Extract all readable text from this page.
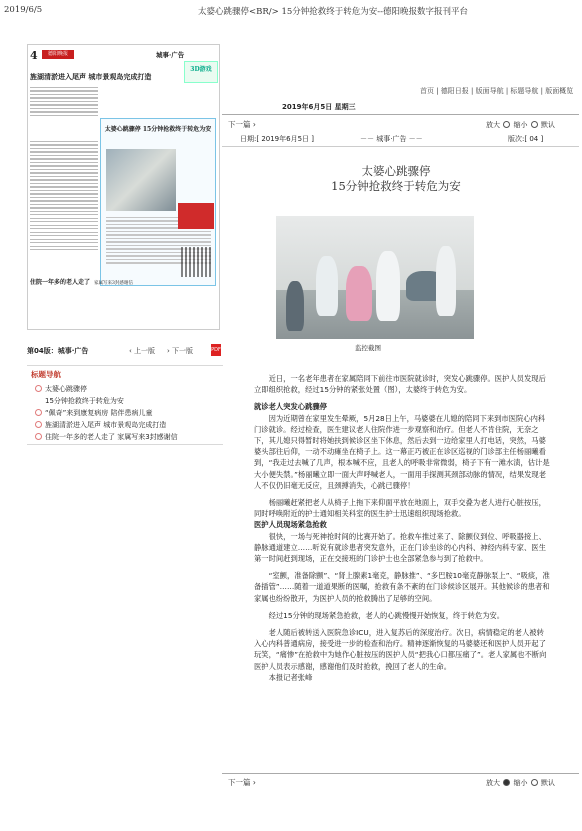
2019/6/5	太婆心跳骤停<BR/> 15分钟抢救终于转危为安--德阳晚报数字报刊平台
4	德阳晚报	城事·广告
旌湖清淤进入尾声 城市景观岛完成打造
3D游戏
太婆心跳骤停 15分钟抢救终于转危为安
住院一年多的老人走了 家属写来3封感谢信
第04版：城事·广告	‹ 上一版 › 下一版	PDF
标题导航
太婆心跳骤停
15分钟抢救终于转危为安
“佩奇”来到康复病房 陪伴患病儿童
旌湖清淤进入尾声 城市景观岛完成打造
住院一年多的老人走了 家属写来3封感谢信
首页 | 德阳日报 | 版面导航 | 标题导航 | 版面概览
2019年6月5日 星期三
下一篇 ›	放大 缩小 默认
日期:[ 2019年6月5日 ]	－－ 城事·广告 －－	版次:[ 04 ]
太婆心跳骤停
15分钟抢救终于转危为安
监控截图

近日，一名老年患者在家属陪同下前往市医院就诊时，突发心跳骤停。医护人员发现后立即组织抢救，经过15分钟的紧张处置（图），太婆终于转危为安。

就诊老人突发心跳骤停

因为近期曾在家里发生晕厥，5月28日上午，马婆婆在儿媳的陪同下来到市医院心内科门诊就诊。经过检查，医生建议老人住院作进一步观察和治疗。但老人不肯住院，无奈之下，其儿媳只得暂时将她扶到候诊区坐下休息，然后去到一边给家里人打电话，突然，马婆婆头部往后仰，一动不动瘫坐在椅子上。这一幕正巧被正在诊区巡视的门诊部主任杨丽曦看到，“我走过去喊了几声，根本喊不应，且老人的呼吸非常微弱，椅子下有一滩水渍，估计是大小便失禁。”杨丽曦立即一面大声呼喊老人，一面用手探测其颈部动脉的情况，结果发现老人不仅仍旧毫无反应，且颈搏消失，心跳已骤停！

杨丽曦赶紧把老人从椅子上拖下来仰面平放在地面上，双手交叠为老人进行心脏按压，同时呼唤附近的护士通知相关科室的医生护士迅速组织现场抢救。

医护人员现场紧急抢救

很快，一场与死神抢时间的比赛开始了。抢救车推过来了、除颤仪到位、呼吸器接上、静脉通道建立……听说有就诊患者突发意外，正在门诊坐诊的心内科、神经内科专家、医生第一时间赶到现场，正在交接班的门诊护士也全部紧急参与到了抢救中。

“室颤，准备除颤”、“肾上腺素1毫克，静脉推”、“多巴胺10毫克静脉泵上”、“吸痰，准备插管”……随着一道道果断的医嘱，抢救有条不紊的在门诊候诊区展开。其他候诊的患者和家属也纷纷散开，为医护人员的抢救腾出了足够的空间。

经过15分钟的现场紧急抢救，老人的心跳慢慢开始恢复，终于转危为安。

老人随后被转送入医院急诊ICU，进入复苏后的深度治疗。次日，病情稳定的老人被转入心内科普通病房，接受进一步的检查和治疗。精神逐渐恢复的马婆婆还和医护人员开起了玩笑，“痛惨”在抢救中为她作心脏按压的医护人员“把我心口都压痛了”。老人家属也不断向医护人员表示感谢，感谢他们及时抢救，挽回了老人的生命。

本报记者张峰

下一篇 ›	放大 缩小 默认
